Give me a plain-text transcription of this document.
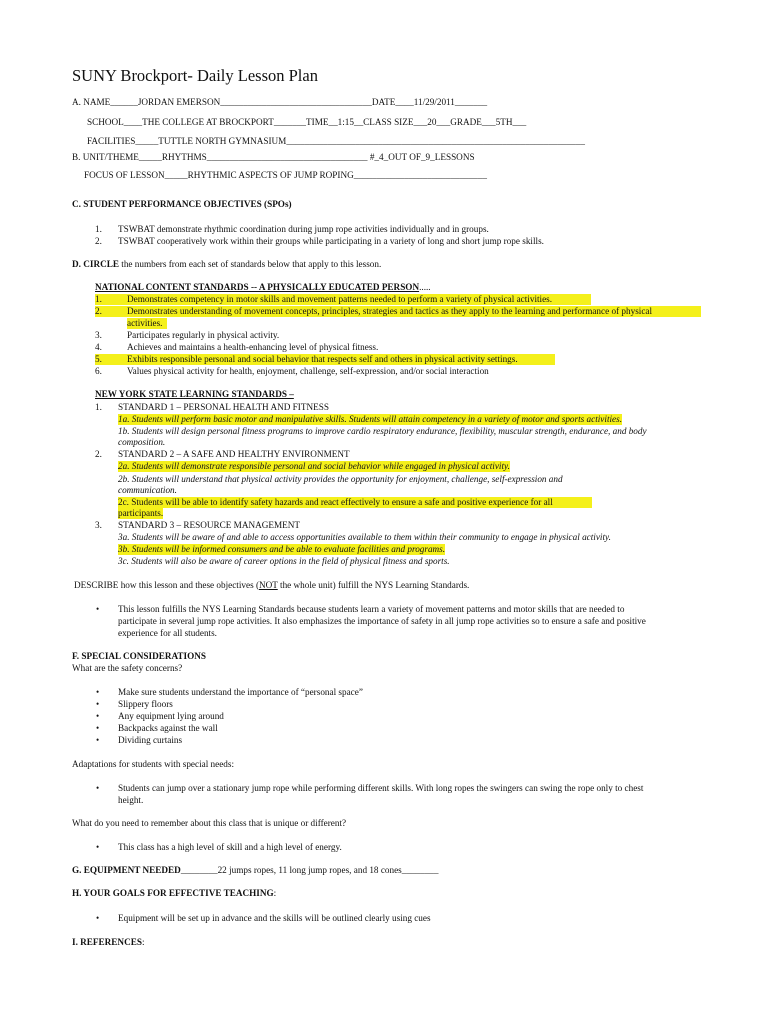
SUNY Brockport- Daily Lesson Plan
A. NAME______JORDAN EMERSON_________________________________DATE____11/29/2011_______
SCHOOL____THE COLLEGE AT BROCKPORT_______TIME__1:15__CLASS SIZE___20___GRADE___5TH___
FACILITIES_____TUTTLE NORTH GYMNASIUM_________________________________________________________________
B. UNIT/THEME_____RHYTHMS___________________________________ #_4_OUT OF_9_LESSONS
FOCUS OF LESSON_____RHYTHMIC ASPECTS OF JUMP ROPING_____________________________
C. STUDENT PERFORMANCE OBJECTIVES (SPOs)
1. TSWBAT demonstrate rhythmic coordination during jump rope activities individually and in groups.
2. TSWBAT cooperatively work within their groups while participating in a variety of long and short jump rope skills.
D. CIRCLE the numbers from each set of standards below that apply to this lesson.
NATIONAL CONTENT STANDARDS -- A PHYSICALLY EDUCATED PERSON.....
1.	Demonstrates competency in motor skills and movement patterns needed to perform a variety of physical activities.

2.	Demonstrates understanding of movement concepts, principles, strategies and tactics as they apply to the learning and performance of physical

activities.
3.	Participates regularly in physical activity.

4.	Achieves and maintains a health-enhancing level of physical fitness.

5.	Exhibits responsible personal and social behavior that respects self and others in physical activity settings.

6.	Values physical activity for health, enjoyment, challenge, self-expression, and/or social interaction

NEW YORK STATE LEARNING STANDARDS –
1. STANDARD 1 – PERSONAL HEALTH AND FITNESS
1a. Students will perform basic motor and manipulative skills. Students will attain competency in a variety of motor and sports activities.
1b. Students will design personal fitness programs to improve cardio respiratory endurance, flexibility, muscular strength, endurance, and body
composition.
2. STANDARD 2 – A SAFE AND HEALTHY ENVIRONMENT
2a. Students will demonstrate responsible personal and social behavior while engaged in physical activity.
2b. Students will understand that physical activity provides the opportunity for enjoyment, challenge, self-expression and
communication.
2c. Students will be able to identify safety hazards and react effectively to ensure a safe and positive experience for all
participants.
3. STANDARD 3 – RESOURCE MANAGEMENT
3a. Students will be aware of and able to access opportunities available to them within their community to engage in physical activity.
3b. Students will be informed consumers and be able to evaluate facilities and programs.
3c. Students will also be aware of career options in the field of physical fitness and sports.
DESCRIBE how this lesson and these objectives (NOT the whole unit) fulfill the NYS Learning Standards.
• This lesson fulfills the NYS Learning Standards because students learn a variety of movement patterns and motor skills that are needed to
participate in several jump rope activities. It also emphasizes the importance of safety in all jump rope activities so to ensure a safe and positive
experience for all students.
F. SPECIAL CONSIDERATIONS
What are the safety concerns?
• Make sure students understand the importance of “personal space”
• Slippery floors
• Any equipment lying around
• Backpacks against the wall
• Dividing curtains
Adaptations for students with special needs:
• Students can jump over a stationary jump rope while performing different skills. With long ropes the swingers can swing the rope only to chest
height.
What do you need to remember about this class that is unique or different?
• This class has a high level of skill and a high level of energy.
G. EQUIPMENT NEEDED________22 jumps ropes, 11 long jump ropes, and 18 cones________
H. YOUR GOALS FOR EFFECTIVE TEACHING:
• Equipment will be set up in advance and the skills will be outlined clearly using cues
I. REFERENCES:
